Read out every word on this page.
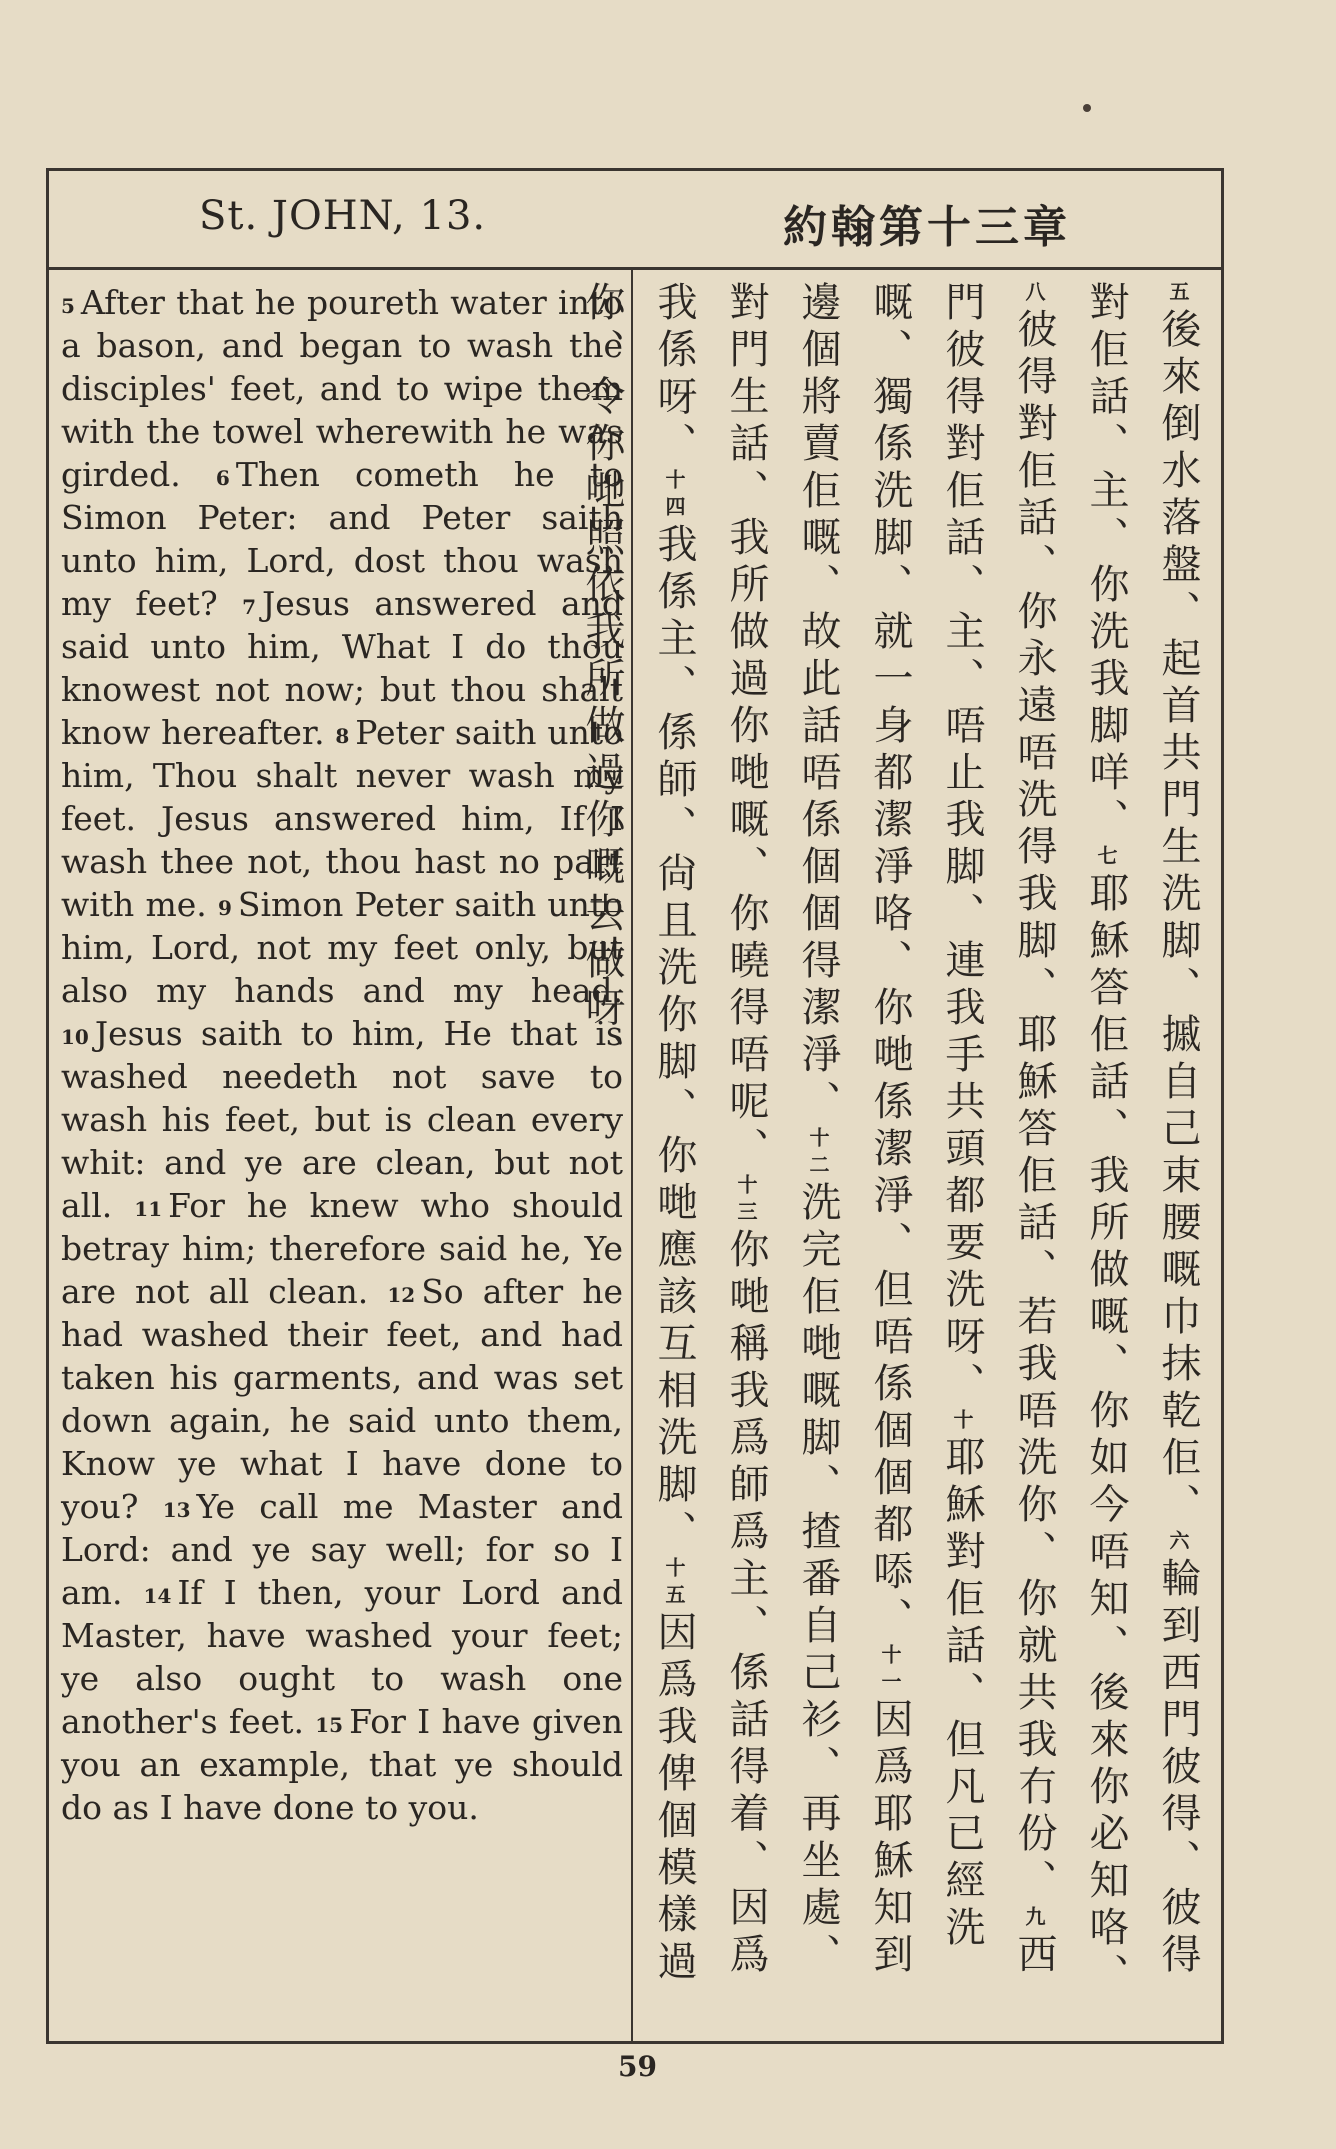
St. JOHN, 13.	約翰第十三章

$^5$ After that he poureth water into a bason, and began to wash the disciples' feet, and to wipe them with the towel wherewith he was girded. $^6$ Then cometh he to Simon Peter: and Peter saith unto him, Lord, dost thou wash my feet? $^7$ Jesus answered and said unto him, What I do thou knowest not now; but thou shalt know hereafter. $^8$ Peter saith unto him, Thou shalt never wash my feet. Jesus answered him, If I wash thee not, thou hast no part with me. $^9$ Simon Peter saith unto him, Lord, not my feet only, but also my hands and my head. $^{10}$ Jesus saith to him, He that is washed needeth not save to wash his feet, but is clean every whit: and ye are clean, but not all. $^{11}$ For he knew who should betray him; therefore said he, Ye are not all clean. $^{12}$ So after he had washed their feet, and had taken his garments, and was set down again, he said unto them, Know ye what I have done to you? $^{13}$ Ye call me Master and Lord: and ye say well; for so I am. $^{14}$ If I then, your Lord and Master, have washed your feet; ye also ought to wash one another's feet. $^{15}$ For I have given you an example, that ye should do as I have done to you.

五後來倒水落盤、起首共門生洗脚、摵自己束腰嘅巾抹乾佢、六輪到西門彼得、彼得對佢話、主、你洗我脚咩、七耶穌答佢話、我所做嘅、你如今唔知、後來你必知咯、八彼得對佢話、你永遠唔洗得我脚、耶穌答佢話、若我唔洗你、你就共我冇份、九西門彼得對佢話、主、唔止我脚、連我手共頭都要洗呀、十耶穌對佢話、但凡已經洗嘅、獨係洗脚、就一身都潔淨咯、你哋係潔淨、但唔係個個都㖭、十一因爲耶穌知到邊個將賣佢嘅、故此話唔係個個得潔淨、十二洗完佢哋嘅脚、揸番自己衫、再坐處、對門生話、我所做過你哋嘅、你曉得唔呢、十三你哋稱我爲師爲主、係話得着、因爲我係呀、十四我係主、係師、尙且洗你脚、你哋應該互相洗脚、十五因爲我俾個模樣過你、令你哋照依我所做過你嘅去做呀、
59
